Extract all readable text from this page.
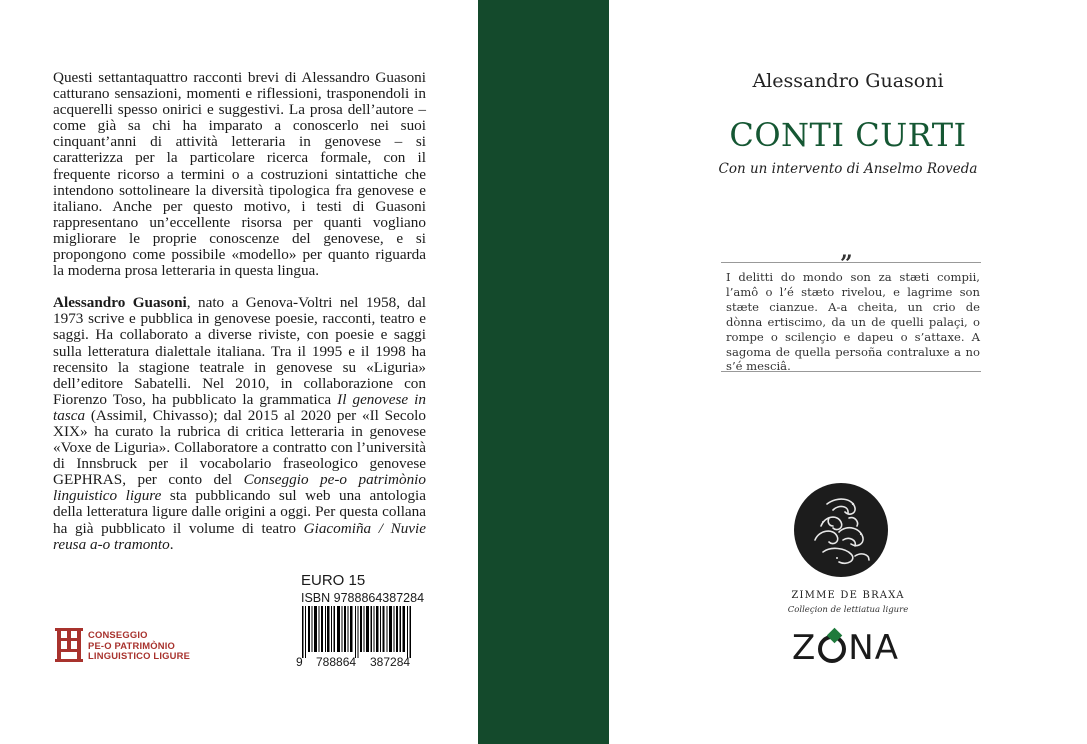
Questi settantaquattro racconti brevi di Alessandro Guasoni catturano sensazioni, momenti e riflessioni, trasponendoli in acquerelli spesso onirici e suggestivi. La prosa dell’autore – come già sa chi ha imparato a conoscerlo nei suoi cinquant’anni di attività letteraria in genovese – si caratterizza per la particolare ricerca formale, con il frequente ricorso a termini o a costruzioni sintattiche che intendono sottolineare la diversità tipologica fra genovese e italiano. Anche per questo motivo, i testi di Guasoni rappresentano un’eccellente risorsa per quanti vogliano migliorare le proprie conoscenze del genovese, e si propongono come possibile «modello» per quanto riguarda la moderna prosa letteraria in questa lingua.

Alessandro Guasoni, nato a Genova-Voltri nel 1958, dal 1973 scrive e pubblica in genovese poesie, racconti, teatro e saggi. Ha collaborato a diverse riviste, con poesie e saggi sulla letteratura dialettale italiana. Tra il 1995 e il 1998 ha recensito la stagione teatrale in genovese su «Liguria» dell’editore Sabatelli. Nel 2010, in collaborazione con Fiorenzo Toso, ha pubblicato la grammatica Il genovese in tasca (Assimil, Chivasso); dal 2015 al 2020 per «Il Secolo XIX» ha curato la rubrica di critica letteraria in genovese «Voxe de Liguria». Collaboratore a contratto con l’università di Innsbruck per il vocabolario fraseologico genovese GEPHRAS, per conto del Conseggio pe-o patrimònio linguistico ligure sta pubblicando sul web una antologia della letteratura ligure dalle origini a oggi. Per questa collana ha già pubblicato il volume di teatro Giacomiña / Nuvie reusa a-o tramonto.

EURO 15
ISBN 9788864387284
9	788864	387284
CONSEGGIO
PE-O PATRIMÒNIO
LINGUISTICO LIGURE
Alessandro Guasoni
CONTI CURTI
Con un intervento di Anselmo Roveda
”
I delitti do mondo son za stæti compii, l’amô o l’é stæto rivelou, e lagrime son stæte cianzue. A-a cheita, un crio de dònna ertiscimo, da un de quelli palaçi, o rompe o scilençio e dapeu o s’attaxe. A sagoma de quella persoña contraluxe a no s’é mesciâ.
ZIMME DE BRAXA
Colleçion de lettiatua ligure
Z NA
